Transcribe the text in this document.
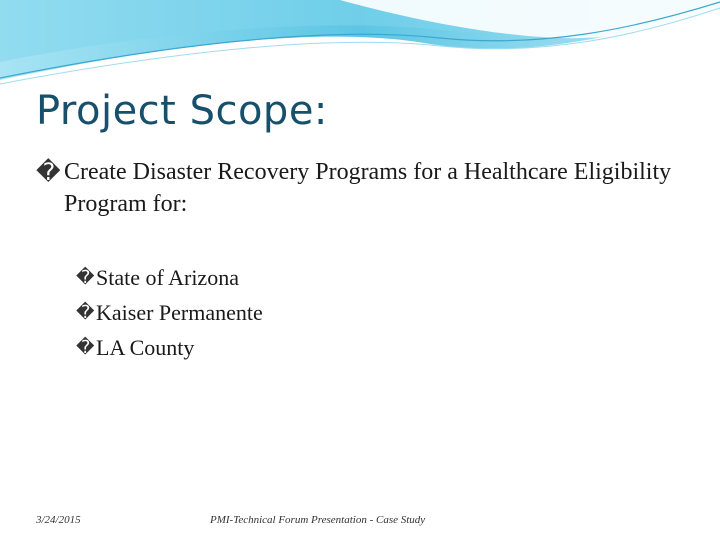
Project Scope:
� Create Disaster Recovery Programs for a Healthcare Eligibility Program for:
� State of Arizona
� Kaiser Permanente
� LA County
3/24/2015	PMI-Technical Forum Presentation - Case Study
